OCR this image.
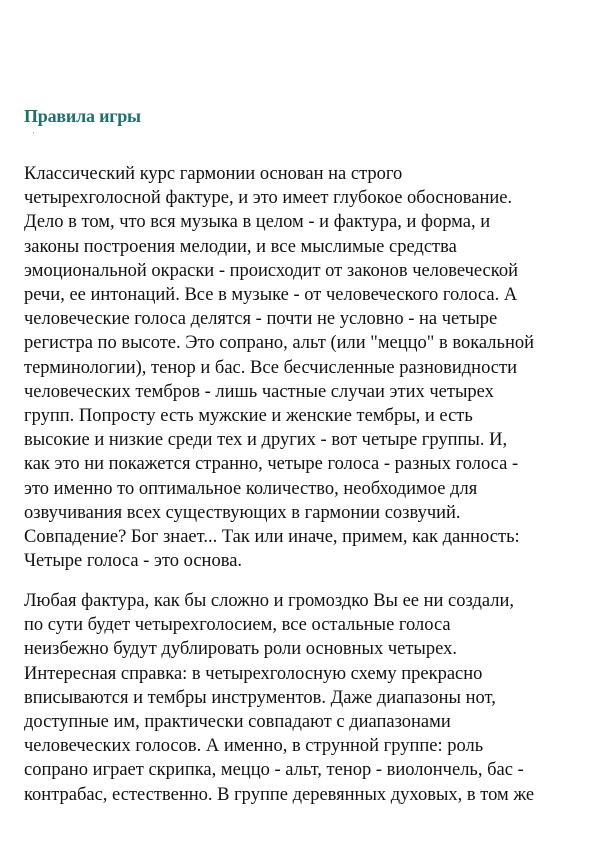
Правила игры
·

Классический курс гармонии основан на строго
четырехголосной фактуре, и это имеет глубокое обоснование.
Дело в том, что вся музыка в целом - и фактура, и форма, и
законы построения мелодии, и все мыслимые средства
эмоциональной окраски - происходит от законов человеческой
речи, ее интонаций. Все в музыке - от человеческого голоса. А
человеческие голоса делятся - почти не условно - на четыре
регистра по высоте. Это сопрано, альт (или "меццо" в вокальной
терминологии), тенор и бас. Все бесчисленные разновидности
человеческих тембров - лишь частные случаи этих четырех
групп. Попросту есть мужские и женские тембры, и есть
высокие и низкие среди тех и других - вот четыре группы. И,
как это ни покажется странно, четыре голоса - разных голоса -
это именно то оптимальное количество, необходимое для
озвучивания всех существующих в гармонии созвучий.
Совпадение? Бог знает... Так или иначе, примем, как данность:
Четыре голоса - это основа.

Любая фактура, как бы сложно и громоздко Вы ее ни создали,
по сути будет четырехголосием, все остальные голоса
неизбежно будут дублировать роли основных четырех.
Интересная справка: в четырехголосную схему прекрасно
вписываются и тембры инструментов. Даже диапазоны нот,
доступные им, практически совпадают с диапазонами
человеческих голосов. А именно, в струнной группе: роль
сопрано играет скрипка, меццо - альт, тенор - виолончель, бас -
контрабас, естественно. В группе деревянных духовых, в том же
